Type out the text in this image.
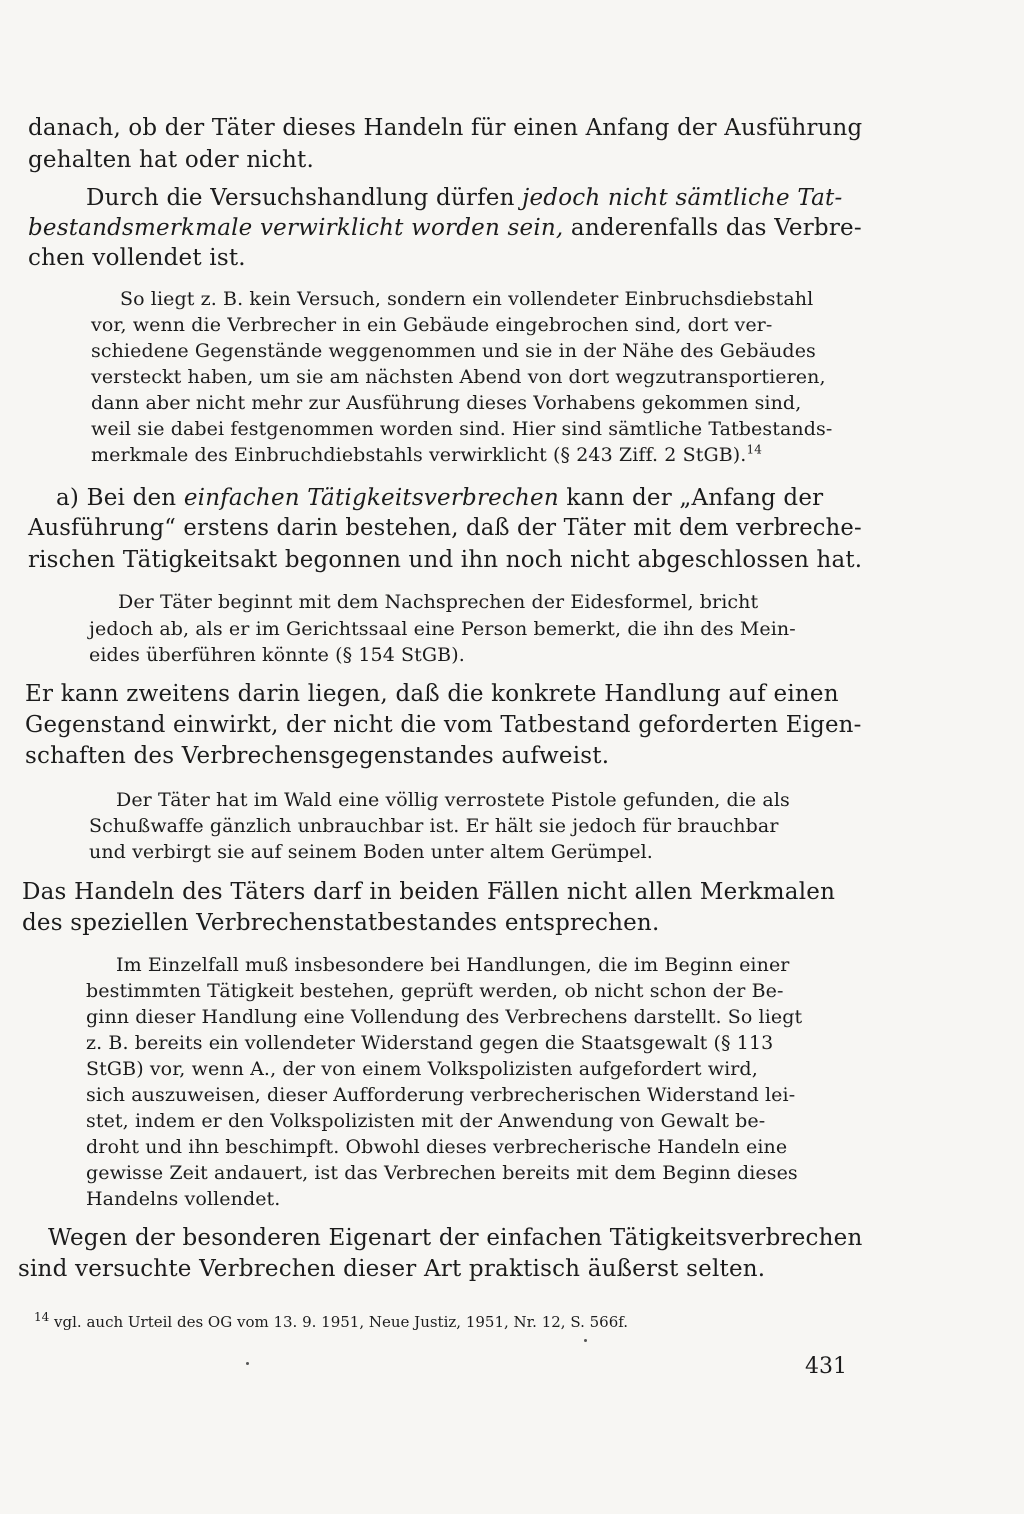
danach, ob der Täter dieses Handeln für einen Anfang der Ausführung
gehalten hat oder nicht.
Durch die Versuchshandlung dürfen jedoch nicht sämtliche Tat-
bestandsmerkmale verwirklicht worden sein, anderenfalls das Verbre-
chen vollendet ist.
So liegt z. B. kein Versuch, sondern ein vollendeter Einbruchsdiebstahl
vor, wenn die Verbrecher in ein Gebäude eingebrochen sind, dort ver-
schiedene Gegenstände weggenommen und sie in der Nähe des Gebäudes
versteckt haben, um sie am nächsten Abend von dort wegzutransportieren,
dann aber nicht mehr zur Ausführung dieses Vorhabens gekommen sind,
weil sie dabei festgenommen worden sind. Hier sind sämtliche Tatbestands-
merkmale des Einbruchdiebstahls verwirklicht (§ 243 Ziff. 2 StGB).$^{14}$
a) Bei den einfachen Tätigkeitsverbrechen kann der „Anfang der
Ausführung“ erstens darin bestehen, daß der Täter mit dem verbreche-
rischen Tätigkeitsakt begonnen und ihn noch nicht abgeschlossen hat.
Der Täter beginnt mit dem Nachsprechen der Eidesformel, bricht
jedoch ab, als er im Gerichtssaal eine Person bemerkt, die ihn des Mein-
eides überführen könnte (§ 154 StGB).
Er kann zweitens darin liegen, daß die konkrete Handlung auf einen
Gegenstand einwirkt, der nicht die vom Tatbestand geforderten Eigen-
schaften des Verbrechensgegenstandes aufweist.
Der Täter hat im Wald eine völlig verrostete Pistole gefunden, die als
Schußwaffe gänzlich unbrauchbar ist. Er hält sie jedoch für brauchbar
und verbirgt sie auf seinem Boden unter altem Gerümpel.
Das Handeln des Täters darf in beiden Fällen nicht allen Merkmalen
des speziellen Verbrechenstatbestandes entsprechen.
Im Einzelfall muß insbesondere bei Handlungen, die im Beginn einer
bestimmten Tätigkeit bestehen, geprüft werden, ob nicht schon der Be-
ginn dieser Handlung eine Vollendung des Verbrechens darstellt. So liegt
z. B. bereits ein vollendeter Widerstand gegen die Staatsgewalt (§ 113
StGB) vor, wenn A., der von einem Volkspolizisten aufgefordert wird,
sich auszuweisen, dieser Aufforderung verbrecherischen Widerstand lei-
stet, indem er den Volkspolizisten mit der Anwendung von Gewalt be-
droht und ihn beschimpft. Obwohl dieses verbrecherische Handeln eine
gewisse Zeit andauert, ist das Verbrechen bereits mit dem Beginn dieses
Handelns vollendet.
Wegen der besonderen Eigenart der einfachen Tätigkeitsverbrechen
sind versuchte Verbrechen dieser Art praktisch äußerst selten.
$^{14}$ vgl. auch Urteil des OG vom 13. 9. 1951, Neue Justiz, 1951, Nr. 12, S. 566f.
431
